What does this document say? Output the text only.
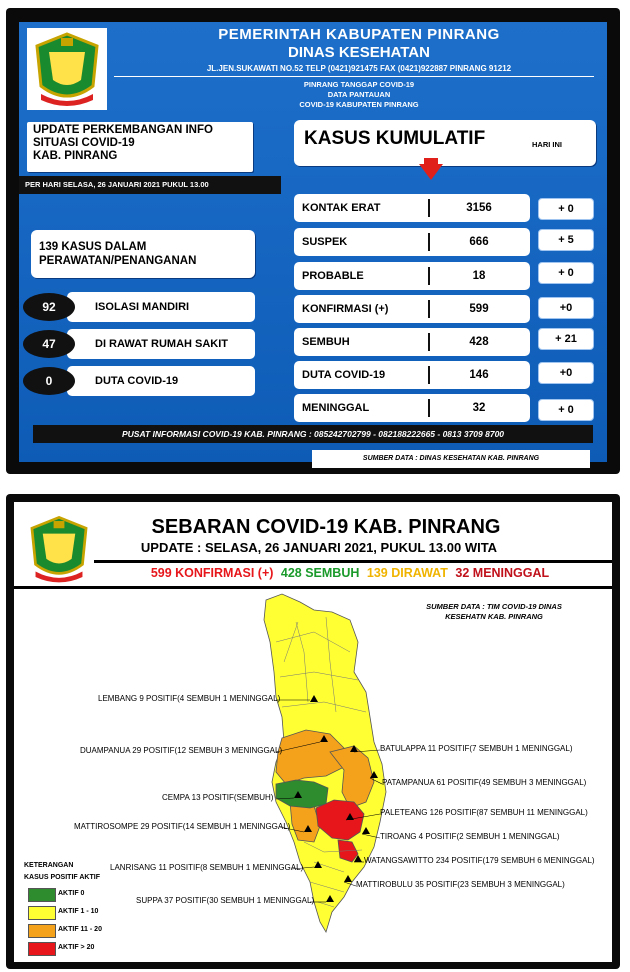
PEMERINTAH KABUPATEN PINRANG
DINAS KESEHATAN
JL.JEN.SUKAWATI NO.52 TELP (0421)921475 FAX (0421)922887 PINRANG 91212
PINRANG TANGGAP COVID-19
DATA PANTAUAN
COVID-19 KABUPATEN PINRANG
UPDATE PERKEMBANGAN INFO
SITUASI COVID-19
KAB. PINRANG
PER HARI SELASA, 26 JANUARI 2021 PUKUL 13.00
139 KASUS DALAM
PERAWATAN/PENANGANAN
ISOLASI MANDIRI
92
DI RAWAT RUMAH SAKIT
47
DUTA COVID-19
0
KASUS KUMULATIF	HARI INI
KONTAK ERAT	3156	+ 0
SUSPEK	666	+ 5
PROBABLE	18	+ 0
KONFIRMASI (+)	599	+0
SEMBUH	428	+ 21
DUTA COVID-19	146	+0
MENINGGAL	32	+ 0
PUSAT INFORMASI COVID-19 KAB. PINRANG : 085242702799 - 082188222665 - 0813 3709 8700
SUMBER DATA : DINAS KESEHATAN KAB. PINRANG
SEBARAN COVID-19 KAB. PINRANG
UPDATE : SELASA, 26 JANUARI 2021, PUKUL 13.00 WITA
599 KONFIRMASI (+) 428 SEMBUH 139 DIRAWAT 32 MENINGGAL
SUMBER DATA : TIM COVID-19 DINAS
KESEHATN KAB. PINRANG
LEMBANG 9 POSITIF(4 SEMBUH 1 MENINGGAL)
DUAMPANUA 29 POSITIF(12 SEMBUH 3 MENINGGAL)
CEMPA 13 POSITIF(SEMBUH)
MATTIROSOMPE 29 POSITIF(14 SEMBUH 1 MENINGGAL)
LANRISANG 11 POSITIF(8 SEMBUH 1 MENINGGAL)
SUPPA 37 POSITIF(30 SEMBUH 1 MENINGGAL)
BATULAPPA 11 POSITIF(7 SEMBUH 1 MENINGGAL)
PATAMPANUA 61 POSITIF(49 SEMBUH 3 MENINGGAL)
PALETEANG 126 POSITIF(87 SEMBUH 11 MENINGGAL)
TIROANG 4 POSITIF(2 SEMBUH 1 MENINGGAL)
WATANGSAWITTO 234 POSITIF(179 SEMBUH 6 MENINGGAL)
MATTIROBULU 35 POSITIF(23 SEMBUH 3 MENINGGAL)
KETERANGAN
KASUS POSITIF AKTIF
AKTIF 0
AKTIF 1 - 10
AKTIF 11 - 20
AKTIF > 20
